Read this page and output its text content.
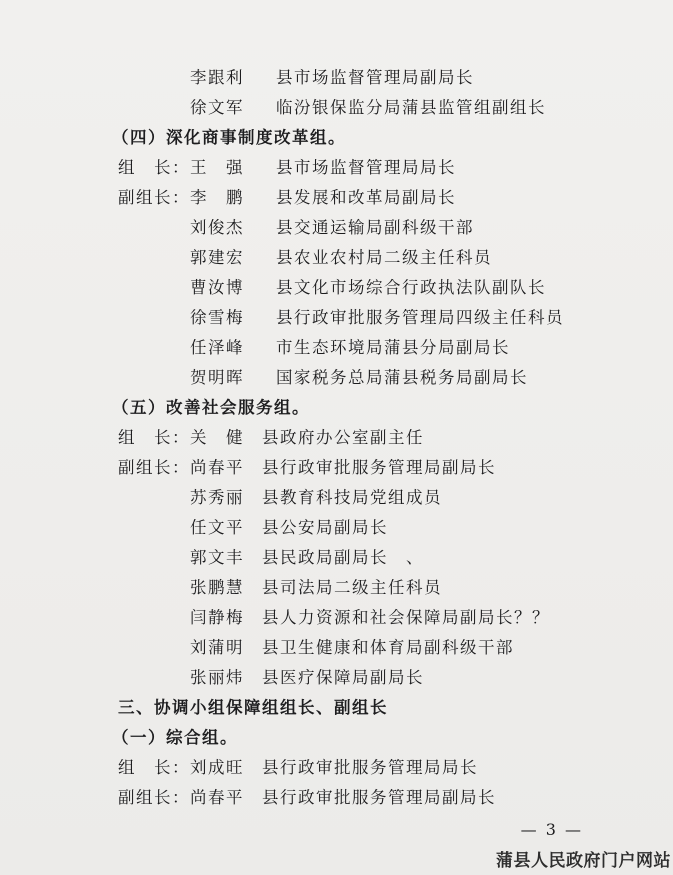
李跟利 县市场监督管理局副局长
徐文军 临汾银保监分局蒲县监管组副组长
（四）深化商事制度改革组。
组　长： 王　强 县市场监督管理局局长
副组长： 李　鹏 县发展和改革局副局长
刘俊杰 县交通运输局副科级干部
郭建宏 县农业农村局二级主任科员
曹汝博 县文化市场综合行政执法队副队长
徐雪梅 县行政审批服务管理局四级主任科员
任泽峰 市生态环境局蒲县分局副局长
贺明晖 国家税务总局蒲县税务局副局长
（五）改善社会服务组。
组　长： 关　健 县政府办公室副主任
副组长： 尚春平 县行政审批服务管理局副局长
苏秀丽 县教育科技局党组成员
任文平 县公安局副局长
郭文丰 县民政局副局长　、
张鹏慧 县司法局二级主任科员
闫静梅 县人力资源和社会保障局副局长？？
刘蒲明 县卫生健康和体育局副科级干部
张丽炜 县医疗保障局副局长
三、协调小组保障组组长、副组长
（一）综合组。
组　长： 刘成旺 县行政审批服务管理局局长
副组长： 尚春平 县行政审批服务管理局副局长
— 3 —
蒲县人民政府门户网站
